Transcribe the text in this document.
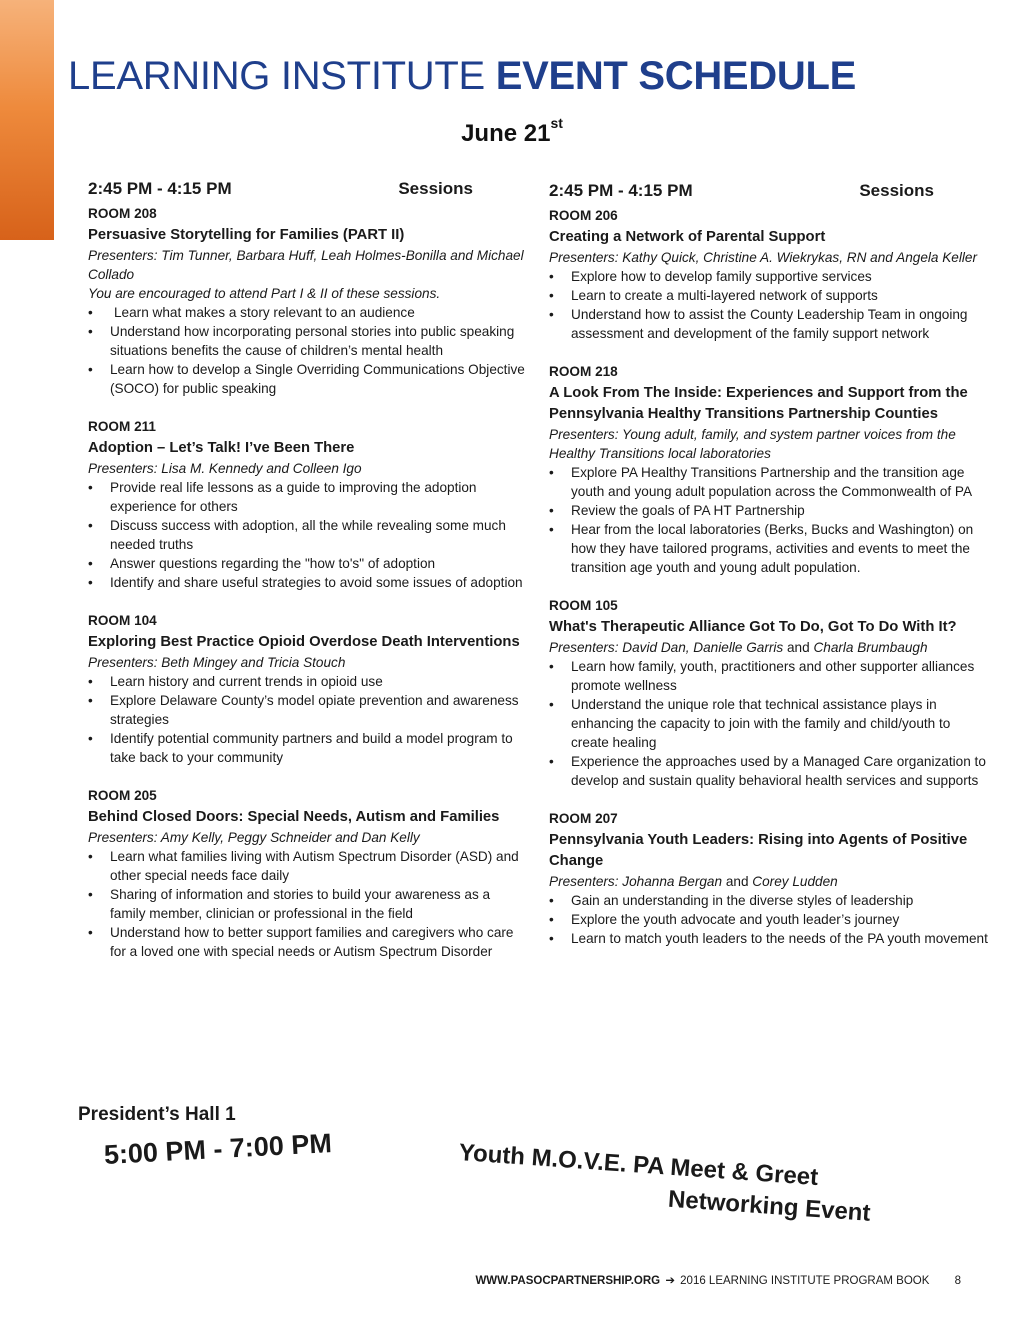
LEARNING INSTITUTE EVENT SCHEDULE
June 21st
2:45 PM - 4:15 PM	Sessions
ROOM 208
Persuasive Storytelling for Families (PART II)
Presenters: Tim Tunner, Barbara Huff, Leah Holmes-Bonilla and Michael Collado
You are encouraged to attend Part I & II of these sessions.
• Learn what makes a story relevant to an audience
• Understand how incorporating personal stories into public speaking situations benefits the cause of children’s mental health
• Learn how to develop a Single Overriding Communications Objective (SOCO) for public speaking
ROOM 211
Adoption – Let’s Talk! I’ve Been There
Presenters: Lisa M. Kennedy and Colleen Igo
• Provide real life lessons as a guide to improving the adoption experience for others
• Discuss success with adoption, all the while revealing some much needed truths
• Answer questions regarding the "how to's" of adoption
• Identify and share useful strategies to avoid some issues of adoption
ROOM 104
Exploring Best Practice Opioid Overdose Death Interventions
Presenters: Beth Mingey and Tricia Stouch
• Learn history and current trends in opioid use
• Explore Delaware County’s model opiate prevention and awareness strategies
• Identify potential community partners and build a model program to take back to your community
ROOM 205
Behind Closed Doors: Special Needs, Autism and Families
Presenters: Amy Kelly, Peggy Schneider and Dan Kelly
• Learn what families living with Autism Spectrum Disorder (ASD) and other special needs face daily
• Sharing of information and stories to build your awareness as a family member, clinician or professional in the field
• Understand how to better support families and caregivers who care for a loved one with special needs or Autism Spectrum Disorder
2:45 PM - 4:15 PM	Sessions
ROOM 206
Creating a Network of Parental Support
Presenters: Kathy Quick, Christine A. Wiekrykas, RN and Angela Keller
• Explore how to develop family supportive services
• Learn to create a multi-layered network of supports
• Understand how to assist the County Leadership Team in ongoing assessment and development of the family support network
ROOM 218
A Look From The Inside: Experiences and Support from the Pennsylvania Healthy Transitions Partnership Counties
Presenters: Young adult, family, and system partner voices from the Healthy Transitions local laboratories
• Explore PA Healthy Transitions Partnership and the transition age youth and young adult population across the Commonwealth of PA
• Review the goals of PA HT Partnership
• Hear from the local laboratories (Berks, Bucks and Washington) on how they have tailored programs, activities and events to meet the transition age youth and young adult population.
ROOM 105
What's Therapeutic Alliance Got To Do, Got To Do With It?
Presenters: David Dan, Danielle Garris and Charla Brumbaugh
• Learn how family, youth, practitioners and other supporter alliances promote wellness
• Understand the unique role that technical assistance plays in enhancing the capacity to join with the family and child/youth to create healing
• Experience the approaches used by a Managed Care organization to develop and sustain quality behavioral health services and supports
ROOM 207
Pennsylvania Youth Leaders: Rising into Agents of Positive Change
Presenters: Johanna Bergan and Corey Ludden
• Gain an understanding in the diverse styles of leadership
• Explore the youth advocate and youth leader’s journey
• Learn to match youth leaders to the needs of the PA youth movement
President’s Hall 1
5:00 PM - 7:00 PM	Youth M.O.V.E. PA Meet & Greet
Networking Event
WWW.PASOCPARTNERSHIP.ORG ➔ 2016 LEARNING INSTITUTE PROGRAM BOOK 8
